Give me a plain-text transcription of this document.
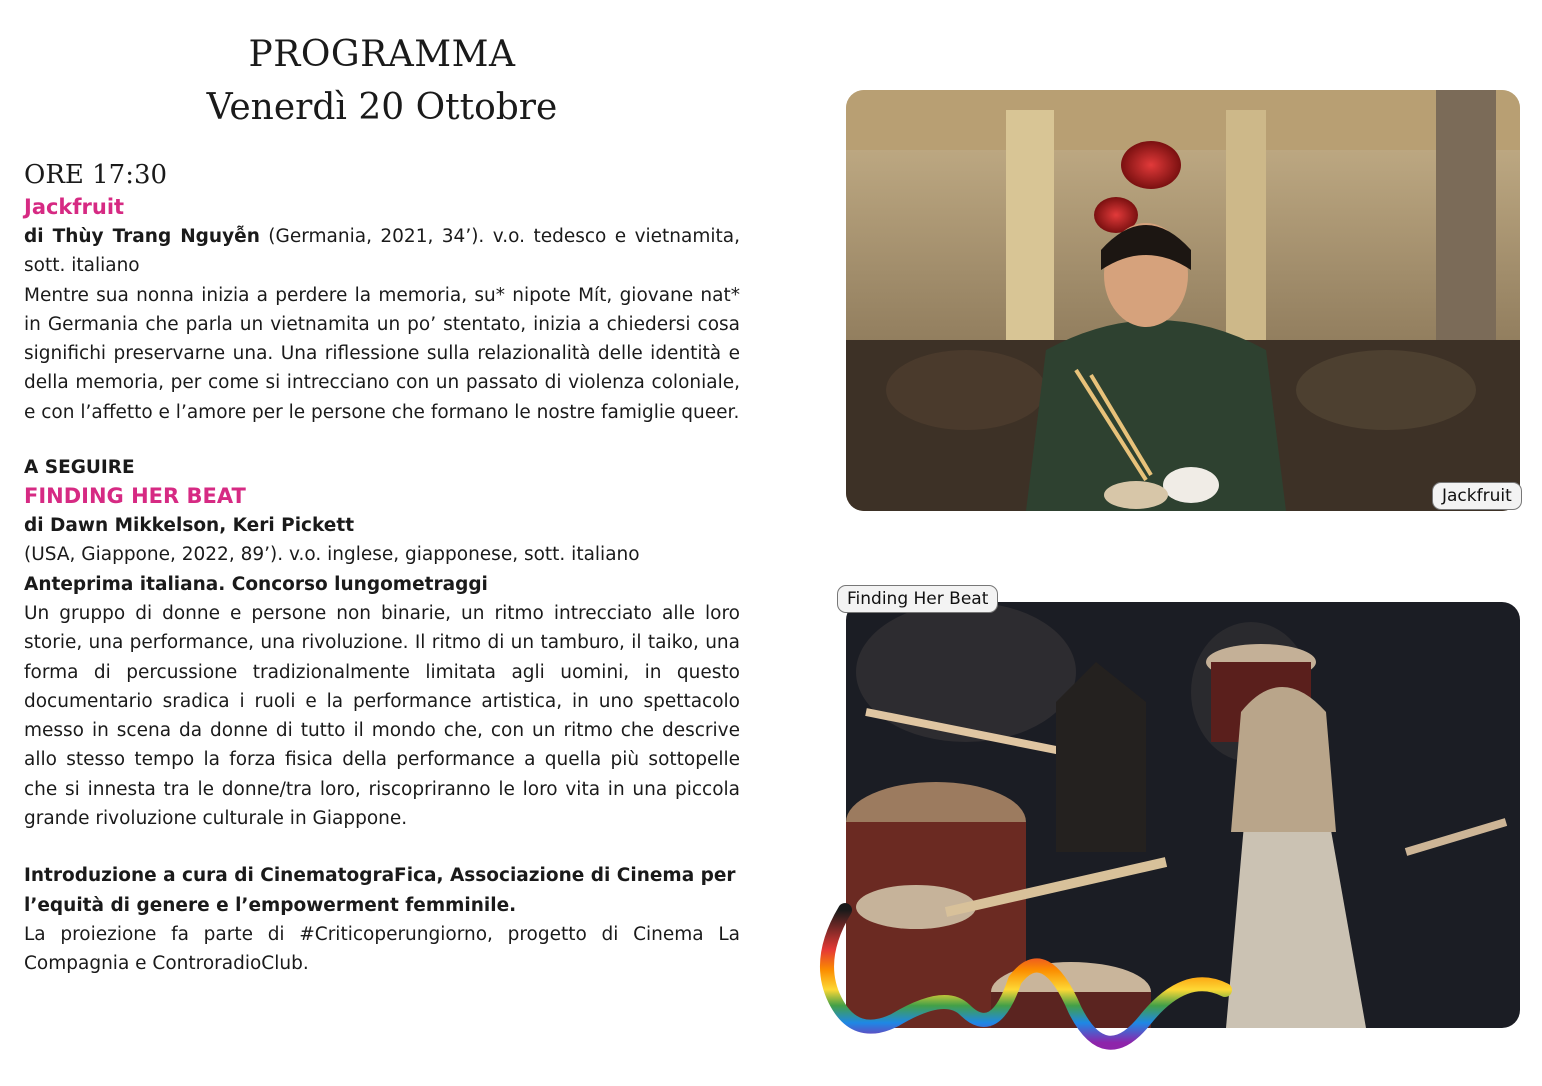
PROGRAMMA
Venerdì 20 Ottobre
ORE 17:30
Jackfruit
di Thùy Trang Nguyễn (Germania, 2021, 34’). v.o. tedesco e vietnamita, sott. italiano
Mentre sua nonna inizia a perdere la memoria, su* nipote Mít, giovane nat* in Germania che parla un vietnamita un po’ stentato, inizia a chiedersi cosa significhi preservarne una. Una riflessione sulla relazionalità delle identità e della memoria, per come si intrecciano con un passato di violenza coloniale, e con l’affetto e l’amore per le persone che formano le nostre famiglie queer.
A SEGUIRE
FINDING HER BEAT
di Dawn Mikkelson, Keri Pickett
(USA, Giappone, 2022, 89’). v.o. inglese, giapponese, sott. italiano
Anteprima italiana. Concorso lungometraggi
Un gruppo di donne e persone non binarie, un ritmo intrecciato alle loro storie, una performance, una rivoluzione. Il ritmo di un tamburo, il taiko, una forma di percussione tradizionalmente limitata agli uomini, in questo documentario sradica i ruoli e la performance artistica, in uno spettacolo messo in scena da donne di tutto il mondo che, con un ritmo che descrive allo stesso tempo la forza fisica della performance a quella più sottopelle che si innesta tra le donne/tra loro, riscopriranno le loro vita in una piccola grande rivoluzione culturale in Giappone.
Introduzione a cura di CinematograFica, Associazione di Cinema per l’equità di genere e l’empowerment femminile.
La proiezione fa parte di #Criticoperungiorno, progetto di Cinema La Compagnia e ControradioClub.
Jackfruit
Finding Her Beat
